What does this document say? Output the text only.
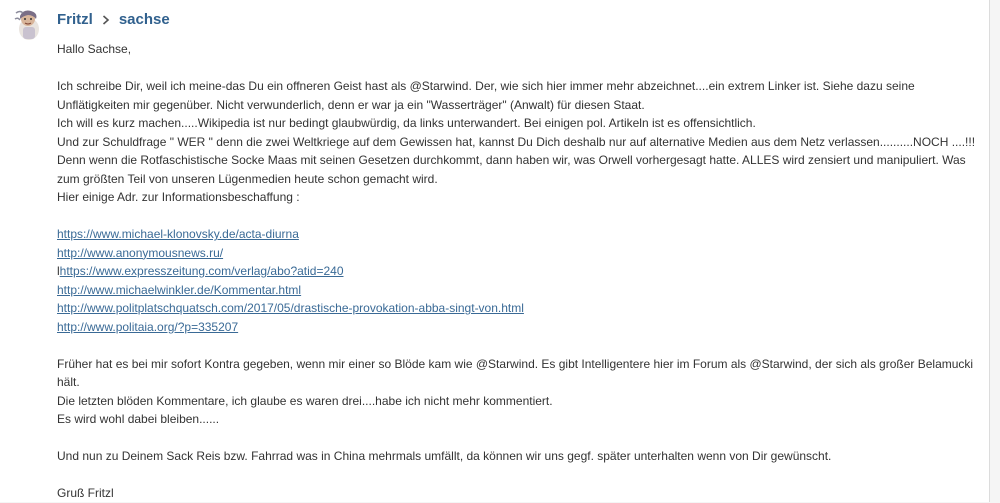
Fritzl sachse

Hallo Sachse,

Ich schreibe Dir, weil ich meine-das Du ein offneren Geist hast als @Starwind. Der, wie sich hier immer mehr abzeichnet....ein extrem Linker ist. Siehe dazu seine Unflätigkeiten mir gegenüber. Nicht verwunderlich, denn er war ja ein "Wasserträger" (Anwalt) für diesen Staat.

Ich will es kurz machen.....Wikipedia ist nur bedingt glaubwürdig, da links unterwandert. Bei einigen pol. Artikeln ist es offensichtlich.

Und zur Schuldfrage " WER " denn die zwei Weltkriege auf dem Gewissen hat, kannst Du Dich deshalb nur auf alternative Medien aus dem Netz verlassen..........NOCH ....!!!

Denn wenn die Rotfaschistische Socke Maas mit seinen Gesetzen durchkommt, dann haben wir, was Orwell vorhergesagt hatte. ALLES wird zensiert und manipuliert. Was zum größten Teil von unseren Lügenmedien heute schon gemacht wird.

Hier einige Adr. zur Informationsbeschaffung :

https://www.michael-klonovsky.de/acta-diurna
http://www.anonymousnews.ru/
lhttps://www.expresszeitung.com/verlag/abo?atid=240
http://www.michaelwinkler.de/Kommentar.html
http://www.politplatschquatsch.com/2017/05/drastische-provokation-abba-singt-von.html
http://www.politaia.org/?p=335207

Früher hat es bei mir sofort Kontra gegeben, wenn mir einer so Blöde kam wie @Starwind. Es gibt Intelligentere hier im Forum als @Starwind, der sich als großer Belamucki hält.

Die letzten blöden Kommentare, ich glaube es waren drei....habe ich nicht mehr kommentiert.

Es wird wohl dabei bleiben......

Und nun zu Deinem Sack Reis bzw. Fahrrad was in China mehrmals umfällt, da können wir uns gegf. später unterhalten wenn von Dir gewünscht.

Gruß Fritzl
